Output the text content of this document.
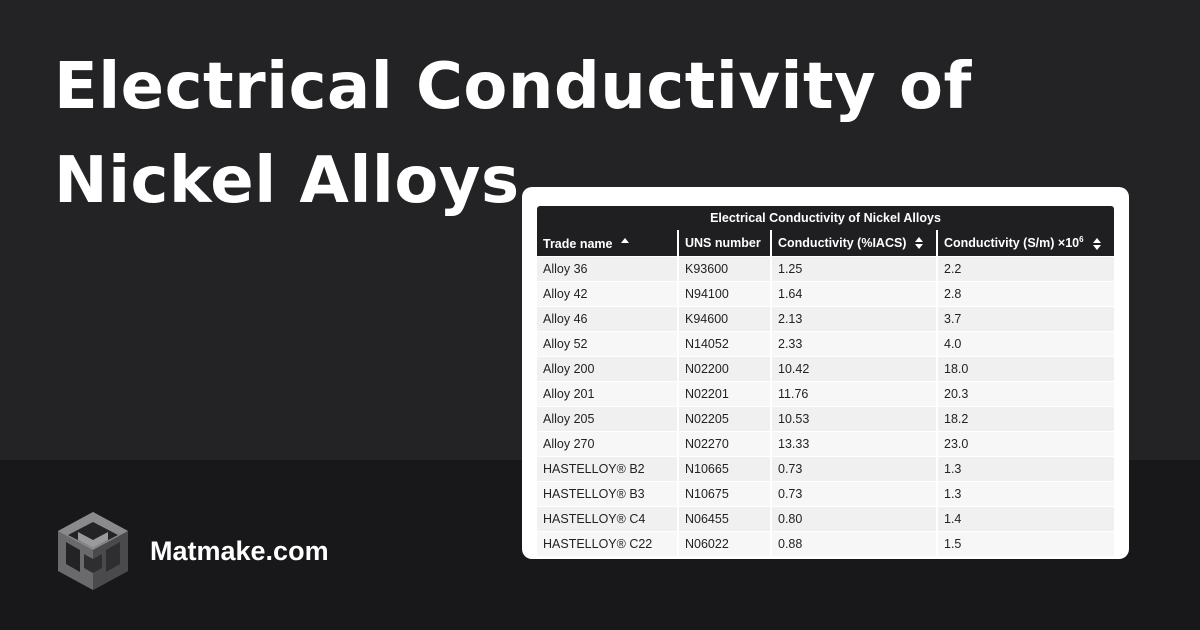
Electrical Conductivity of Nickel Alloys
Matmake.com
Electrical Conductivity of Nickel Alloys
Trade name	UNS number	Conductivity (%IACS)	Conductivity $(S/m) \times 10^6$
Alloy 36	K93600	1.25	2.2
Alloy 42	N94100	1.64	2.8
Alloy 46	K94600	2.13	3.7
Alloy 52	N14052	2.33	4.0
Alloy 200	N02200	10.42	18.0
Alloy 201	N02201	11.76	20.3
Alloy 205	N02205	10.53	18.2
Alloy 270	N02270	13.33	23.0
HASTELLOY® B2	N10665	0.73	1.3
HASTELLOY® B3	N10675	0.73	1.3
HASTELLOY® C4	N06455	0.80	1.4
HASTELLOY® C22	N06022	0.88	1.5
